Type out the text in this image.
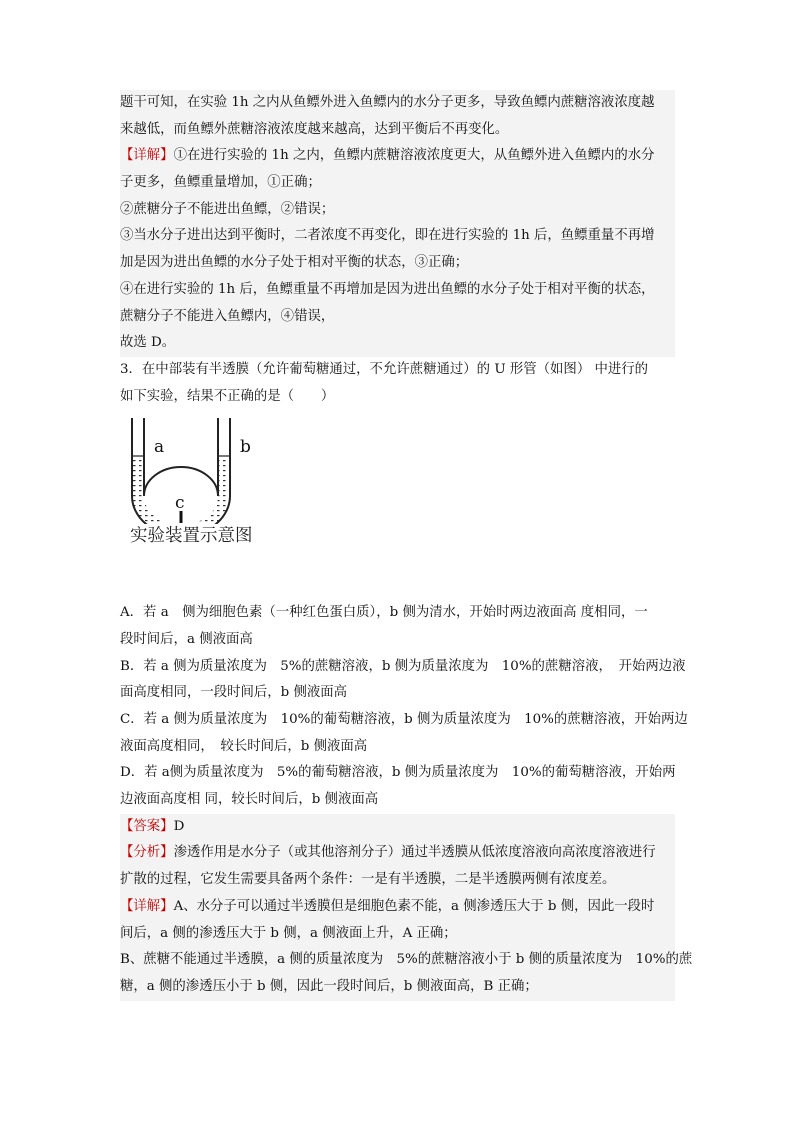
题干可知，在实验 1h 之内从鱼鳔外进入鱼鳔内的水分子更多，导致鱼鳔内蔗糖溶液浓度越
来越低，而鱼鳔外蔗糖溶液浓度越来越高，达到平衡后不再变化。
【详解】①在进行实验的 1h 之内，鱼鳔内蔗糖溶液浓度更大，从鱼鳔外进入鱼鳔内的水分
子更多，鱼鳔重量增加，①正确；
②蔗糖分子不能进出鱼鳔，②错误；
③当水分子进出达到平衡时，二者浓度不再变化，即在进行实验的 1h 后，鱼鳔重量不再增
加是因为进出鱼鳔的水分子处于相对平衡的状态，③正确；
④在进行实验的 1h 后，鱼鳔重量不再增加是因为进出鱼鳔的水分子处于相对平衡的状态，
蔗糖分子不能进入鱼鳔内，④错误，
故选 D。
3．在中部装有半透膜（允许葡萄糖通过，不允许蔗糖通过）的 U 形管（如图） 中进行的
如下实验，结果不正确的是（　　）
a	b
c
实验装置示意图
A．若 a　侧为细胞色素（一种红色蛋白质），b 侧为清水，开始时两边液面高 度相同，一
段时间后，a 侧液面高
B．若 a 侧为质量浓度为　5%的蔗糖溶液，b 侧为质量浓度为　10%的蔗糖溶液，　开始两边液
面高度相同，一段时间后，b 侧液面高
C．若 a 侧为质量浓度为　10%的葡萄糖溶液，b 侧为质量浓度为　10%的蔗糖溶液，开始两边
液面高度相同，　较长时间后，b 侧液面高
D．若 a侧为质量浓度为　5%的葡萄糖溶液，b 侧为质量浓度为　10%的葡萄糖溶液，开始两
边液面高度相 同，较长时间后，b 侧液面高
【答案】D
【分析】渗透作用是水分子（或其他溶剂分子）通过半透膜从低浓度溶液向高浓度溶液进行
扩散的过程，它发生需要具备两个条件：一是有半透膜，二是半透膜两侧有浓度差。
【详解】A、水分子可以通过半透膜但是细胞色素不能，a 侧渗透压大于 b 侧，因此一段时
间后，a 侧的渗透压大于 b 侧，a 侧液面上升，A 正确；
B、蔗糖不能通过半透膜，a 侧的质量浓度为　5%的蔗糖溶液小于 b 侧的质量浓度为　10%的蔗
糖，a 侧的渗透压小于 b 侧，因此一段时间后，b 侧液面高，B 正确；
